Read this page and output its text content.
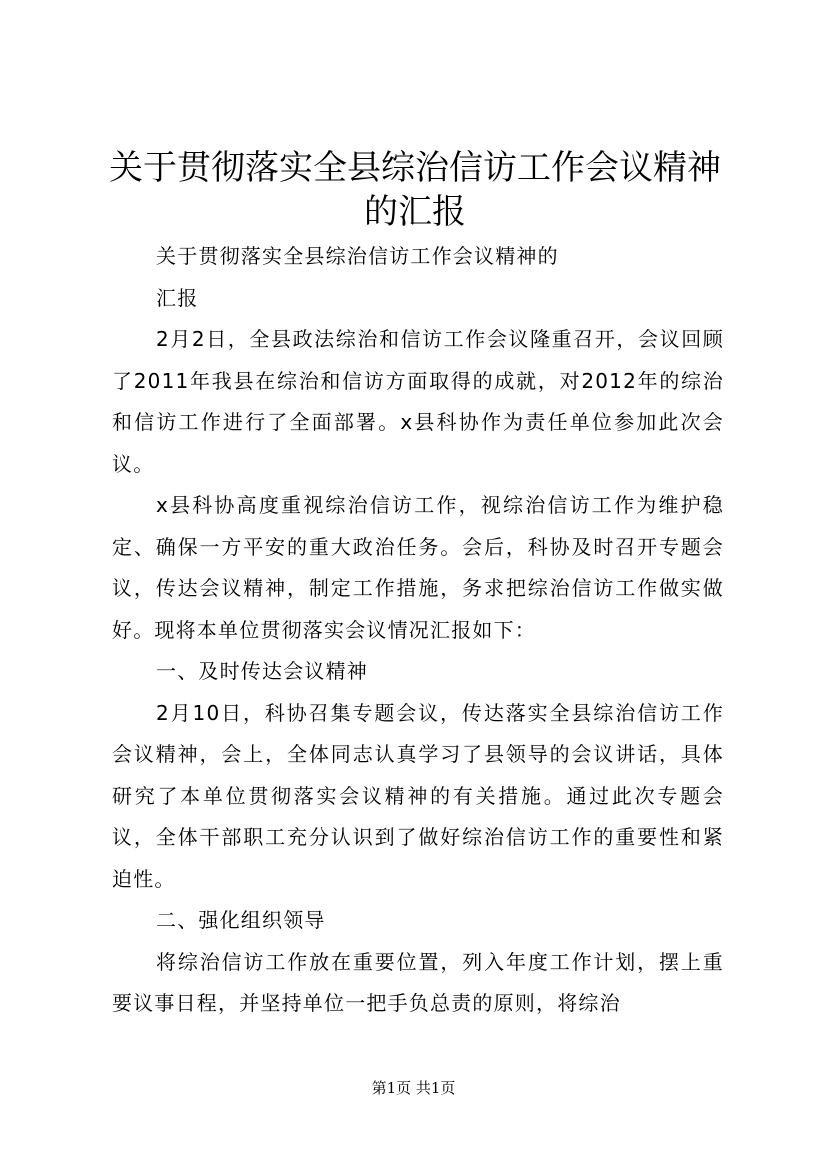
关于贯彻落实全县综治信访工作会议精神的汇报

关于贯彻落实全县综治信访工作会议精神的

汇报

2月2日，全县政法综治和信访工作会议隆重召开，会议回顾了2011年我县在综治和信访方面取得的成就，对2012年的综治和信访工作进行了全面部署。x县科协作为责任单位参加此次会议。

x县科协高度重视综治信访工作，视综治信访工作为维护稳定、确保一方平安的重大政治任务。会后，科协及时召开专题会议，传达会议精神，制定工作措施，务求把综治信访工作做实做好。现将本单位贯彻落实会议情况汇报如下：

一、及时传达会议精神

2月10日，科协召集专题会议，传达落实全县综治信访工作会议精神，会上，全体同志认真学习了县领导的会议讲话，具体研究了本单位贯彻落实会议精神的有关措施。通过此次专题会议，全体干部职工充分认识到了做好综治信访工作的重要性和紧迫性。

二、强化组织领导

将综治信访工作放在重要位置，列入年度工作计划，摆上重要议事日程，并坚持单位一把手负总责的原则，将综治

第1页 共1页
